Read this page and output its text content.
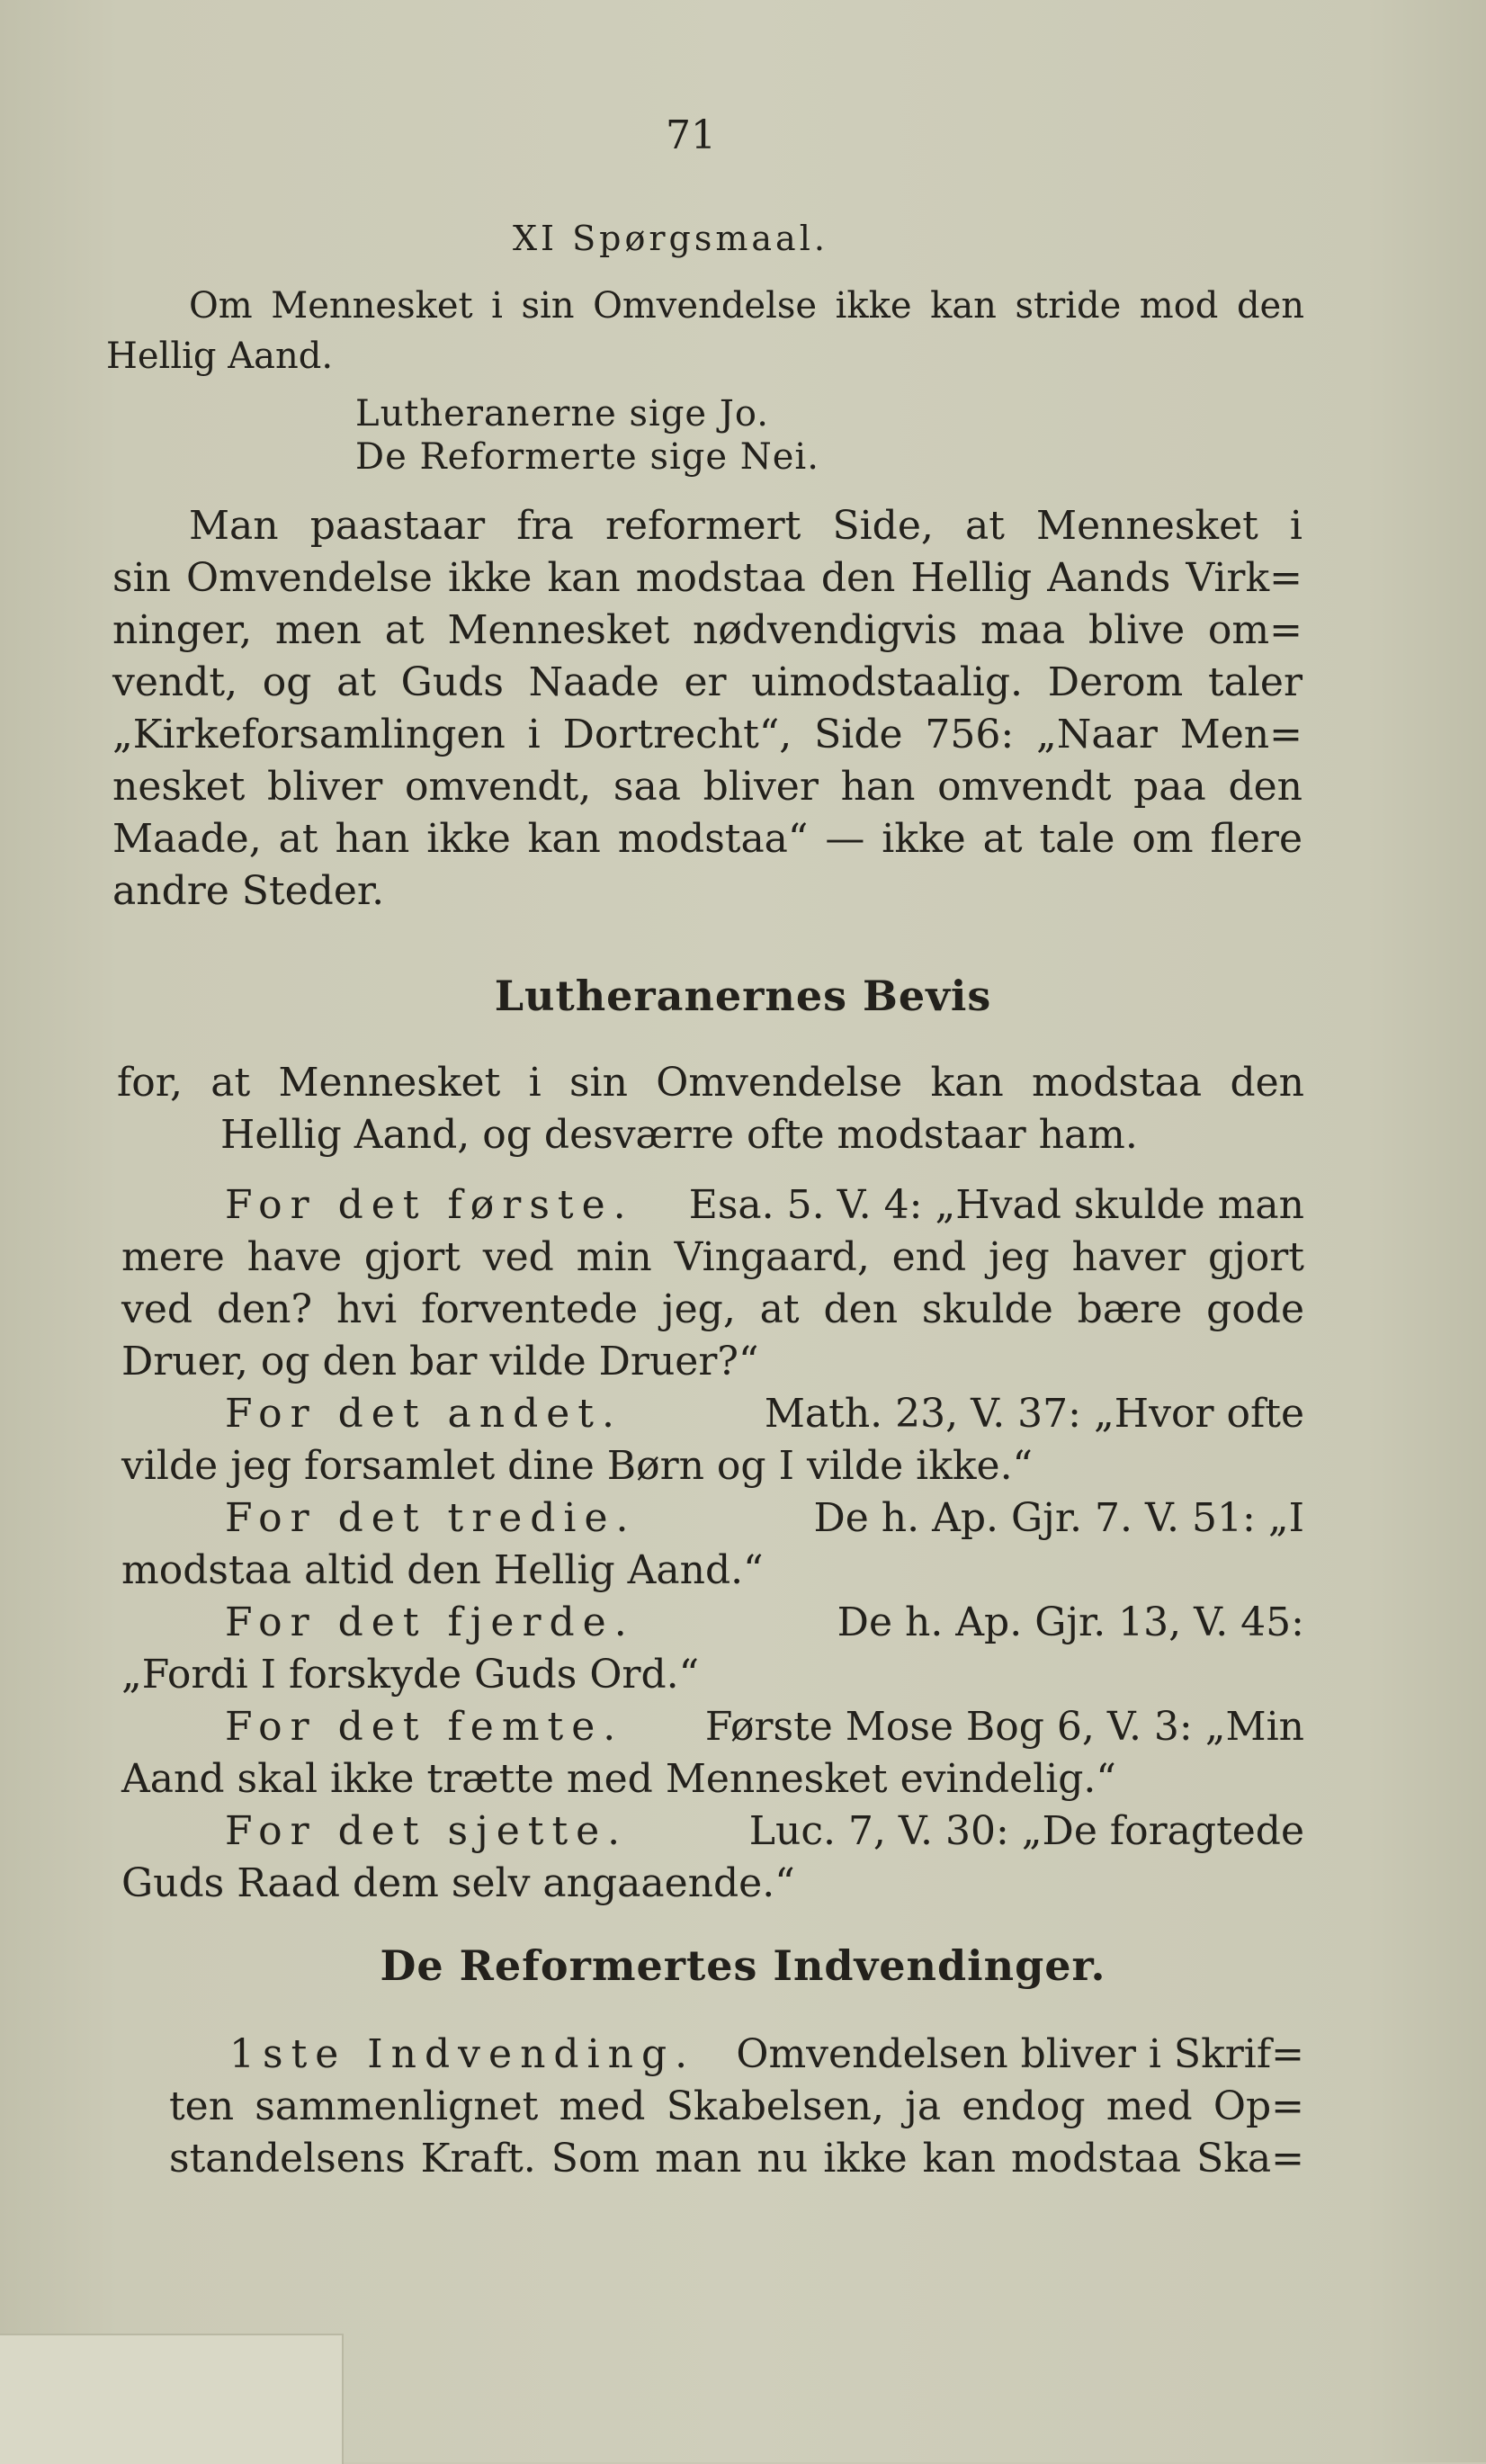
71
XI Spørgsmaal.
Om Mennesket i sin Omvendelse ikke kan stride mod den
Hellig Aand.
Lutheranerne sige Jo.
De Reformerte sige Nei.
Man paastaar fra reformert Side, at Mennesket i
sin Omvendelse ikke kan modstaa den Hellig Aands Virk=
ninger, men at Mennesket nødvendigvis maa blive om=
vendt, og at Guds Naade er uimodstaalig. Derom taler
„Kirkeforsamlingen i Dortrecht“, Side 756: „Naar Men=
nesket bliver omvendt, saa bliver han omvendt paa den
Maade, at han ikke kan modstaa“ — ikke at tale om flere
andre Steder.
Lutheranernes Bevis
for, at Mennesket i sin Omvendelse kan modstaa den
Hellig Aand, og desværre ofte modstaar ham.
For det første.	Esa. 5. V. 4: „Hvad skulde man
mere have gjort ved min Vingaard, end jeg haver gjort
ved den? hvi forventede jeg, at den skulde bære gode
Druer, og den bar vilde Druer?“
For det andet.	Math. 23, V. 37: „Hvor ofte
vilde jeg forsamlet dine Børn og I vilde ikke.“
For det tredie.	De h. Ap. Gjr. 7. V. 51: „I
modstaa altid den Hellig Aand.“
For det fjerde.	De h. Ap. Gjr. 13, V. 45:
„Fordi I forskyde Guds Ord.“
For det femte.	Første Mose Bog 6, V. 3: „Min
Aand skal ikke trætte med Mennesket evindelig.“
For det sjette.	Luc. 7, V. 30: „De foragtede
Guds Raad dem selv angaaende.“
De Reformertes Indvendinger.
1ste Indvending.	Omvendelsen bliver i Skrif=
ten sammenlignet med Skabelsen, ja endog med Op=
standelsens Kraft. Som man nu ikke kan modstaa Ska=
